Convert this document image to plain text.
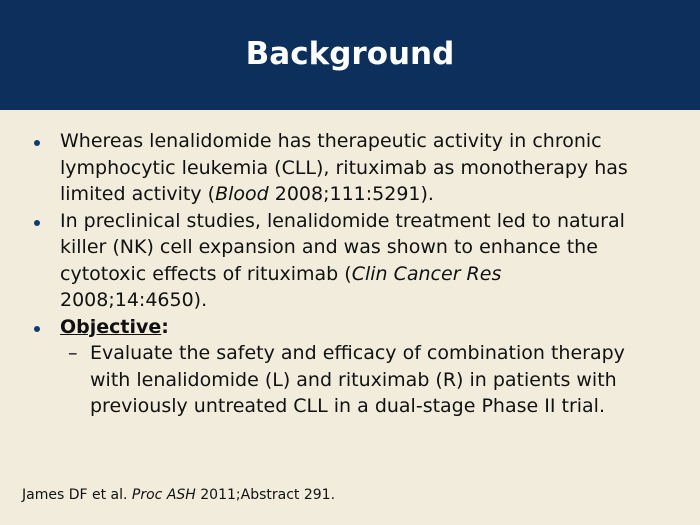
Background
Whereas lenalidomide has therapeutic activity in chronic lymphocytic leukemia (CLL), rituximab as monotherapy has limited activity (Blood 2008;111:5291).
In preclinical studies, lenalidomide treatment led to natural killer (NK) cell expansion and was shown to enhance the cytotoxic effects of rituximab (Clin Cancer Res 2008;14:4650).
Objective:
– Evaluate the safety and efficacy of combination therapy with lenalidomide (L) and rituximab (R) in patients with previously untreated CLL in a dual-stage Phase II trial.
James DF et al. Proc ASH 2011;Abstract 291.
